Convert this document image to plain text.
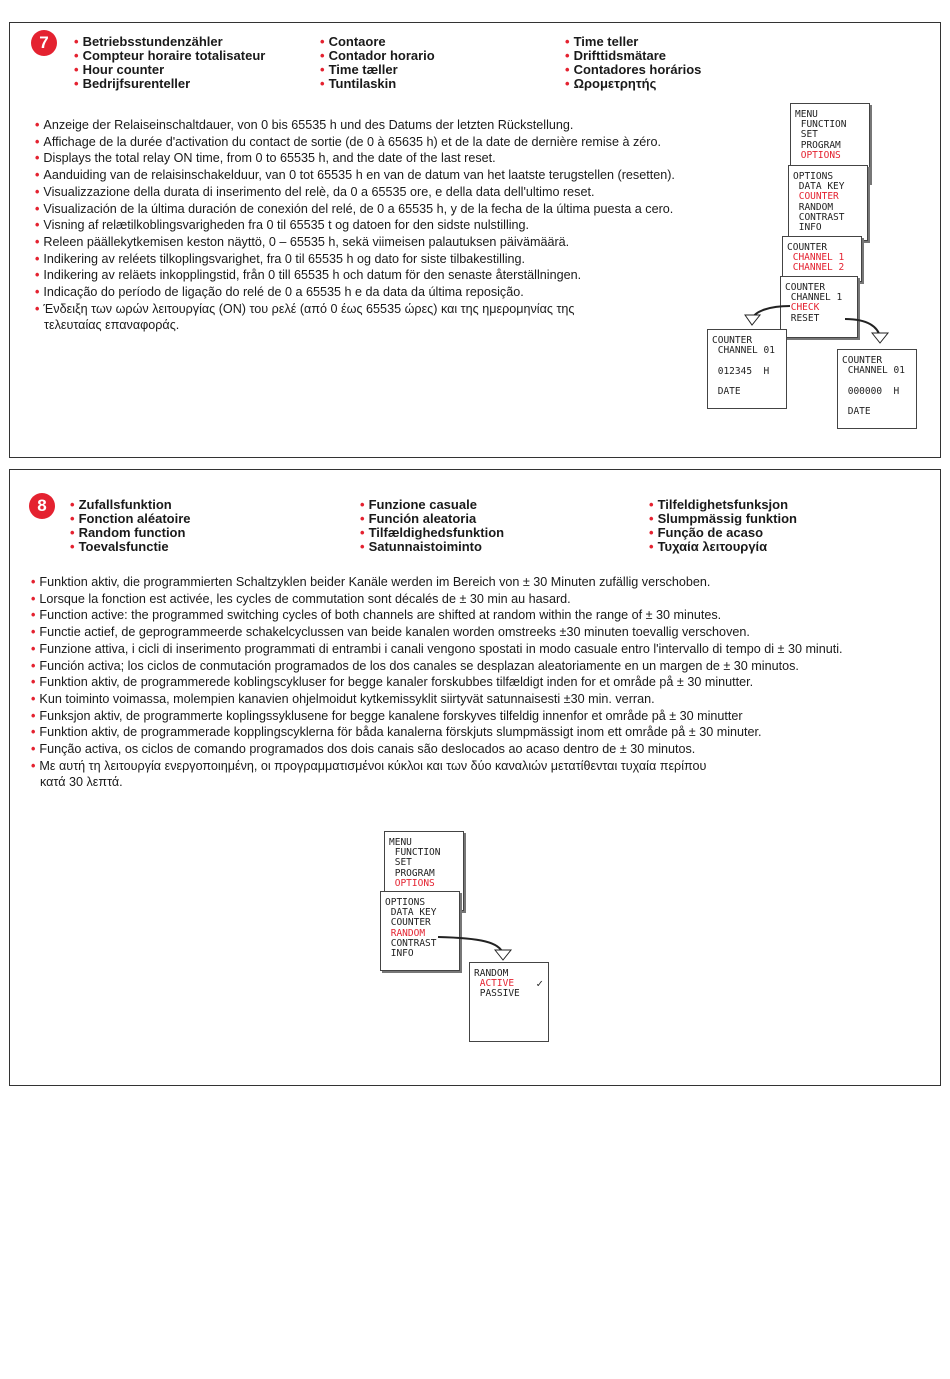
7	• Betriebsstundenzähler
• Compteur horaire totalisateur
• Hour counter
• Bedrijfsurenteller
• Contaore
• Contador horario
• Time tæller
• Tuntilaskin
• Time teller
• Drifttidsmätare
• Contadores horários
• Ωρομετρητής
• Anzeige der Relaiseinschaltdauer, von 0 bis 65535 h und des Datums der letzten Rückstellung.
• Affichage de la durée d'activation du contact de sortie (de 0 à 65635 h) et de la date de dernière remise à zéro.
• Displays the total relay ON time, from 0 to 65535 h, and the date of the last reset.
• Aanduiding van de relaisinschakelduur, van 0 tot 65535 h en van de datum van het laatste terugstellen (resetten).
• Visualizzazione della durata di inserimento del relè, da 0 a 65535 ore, e della data dell'ultimo reset.
• Visualización de la última duración de conexión del relé, de 0 a 65535 h, y de la fecha de la última puesta a cero.
• Visning af relætilkoblingsvarigheden fra 0 til 65535 t og datoen for den sidste nulstilling.
• Releen päällekytkemisen keston näyttö, 0 – 65535 h, sekä viimeisen palautuksen päivämäärä.
• Indikering av reléets tilkoplingsvarighet, fra 0 til 65535 h og dato for siste tilbakestilling.
• Indikering av reläets inkopplingstid, från 0 till 65535 h och datum för den senaste återställningen.
• Indicação do período de ligação do relé de 0 a 65535 h e da data da última reposição.
• Ένδειξη των ωρών λειτουργίας (ON) του ρελέ (από 0 έως 65535 ώρες) και της ημερομηνίας της
τελευταίας επαναφοράς.
MENU
FUNCTION
SET
PROGRAM
OPTIONS
OPTIONS
DATA KEY
COUNTER
RANDOM
CONTRAST
INFO
COUNTER
CHANNEL 1
CHANNEL 2
COUNTER
CHANNEL 1
CHECK
RESET
COUNTER
CHANNEL 01

012345  H

DATE
COUNTER
CHANNEL 01

000000  H

DATE
8	• Zufallsfunktion
• Fonction aléatoire
• Random function
• Toevalsfunctie
• Funzione casuale
• Función aleatoria
• Tilfældighedsfunktion
• Satunnaistoiminto
• Tilfeldighetsfunksjon
• Slumpmässig funktion
• Função de acaso
• Τυχαία λειτουργία
• Funktion aktiv, die programmierten Schaltzyklen beider Kanäle werden im Bereich von ± 30 Minuten zufällig verschoben.
• Lorsque la fonction est activée, les cycles de commutation sont décalés de ± 30 min au hasard.
• Function active: the programmed switching cycles of both channels are shifted at random within the range of ± 30 minutes.
• Functie actief, de geprogrammeerde schakelcyclussen van beide kanalen worden omstreeks ±30 minuten toevallig verschoven.
• Funzione attiva, i cicli di inserimento programmati di entrambi i canali vengono spostati in modo casuale entro l'intervallo di tempo di ± 30 minuti.
• Función activa; los ciclos de conmutación programados de los dos canales se desplazan aleatoriamente en un margen de ± 30 minutos.
• Funktion aktiv, de programmerede koblingscykluser for begge kanaler forskubbes tilfældigt inden for et område på ± 30 minutter.
• Kun toiminto voimassa, molempien kanavien ohjelmoidut kytkemissyklit siirtyvät satunnaisesti ±30 min. verran.
• Funksjon aktiv, de programmerte koplingssyklusene for begge kanalene forskyves tilfeldig innenfor et område på ± 30 minutter
• Funktion aktiv, de programmerade kopplingscyklerna för båda kanalerna förskjuts slumpmässigt inom ett område på ± 30 minuter.
• Função activa, os ciclos de comando programados dos dois canais são deslocados ao acaso dentro de ± 30 minutos.
• Με αυτή τη λειτουργία ενεργοποιημένη, οι προγραμματισμένοι κύκλοι και των δύο καναλιών μετατίθενται τυχαία περίπου
κατά 30 λεπτά.
MENU
FUNCTION
SET
PROGRAM
OPTIONS
OPTIONS
DATA KEY
COUNTER
RANDOM
CONTRAST
INFO
RANDOM
ACTIVE
PASSIVE
✓
